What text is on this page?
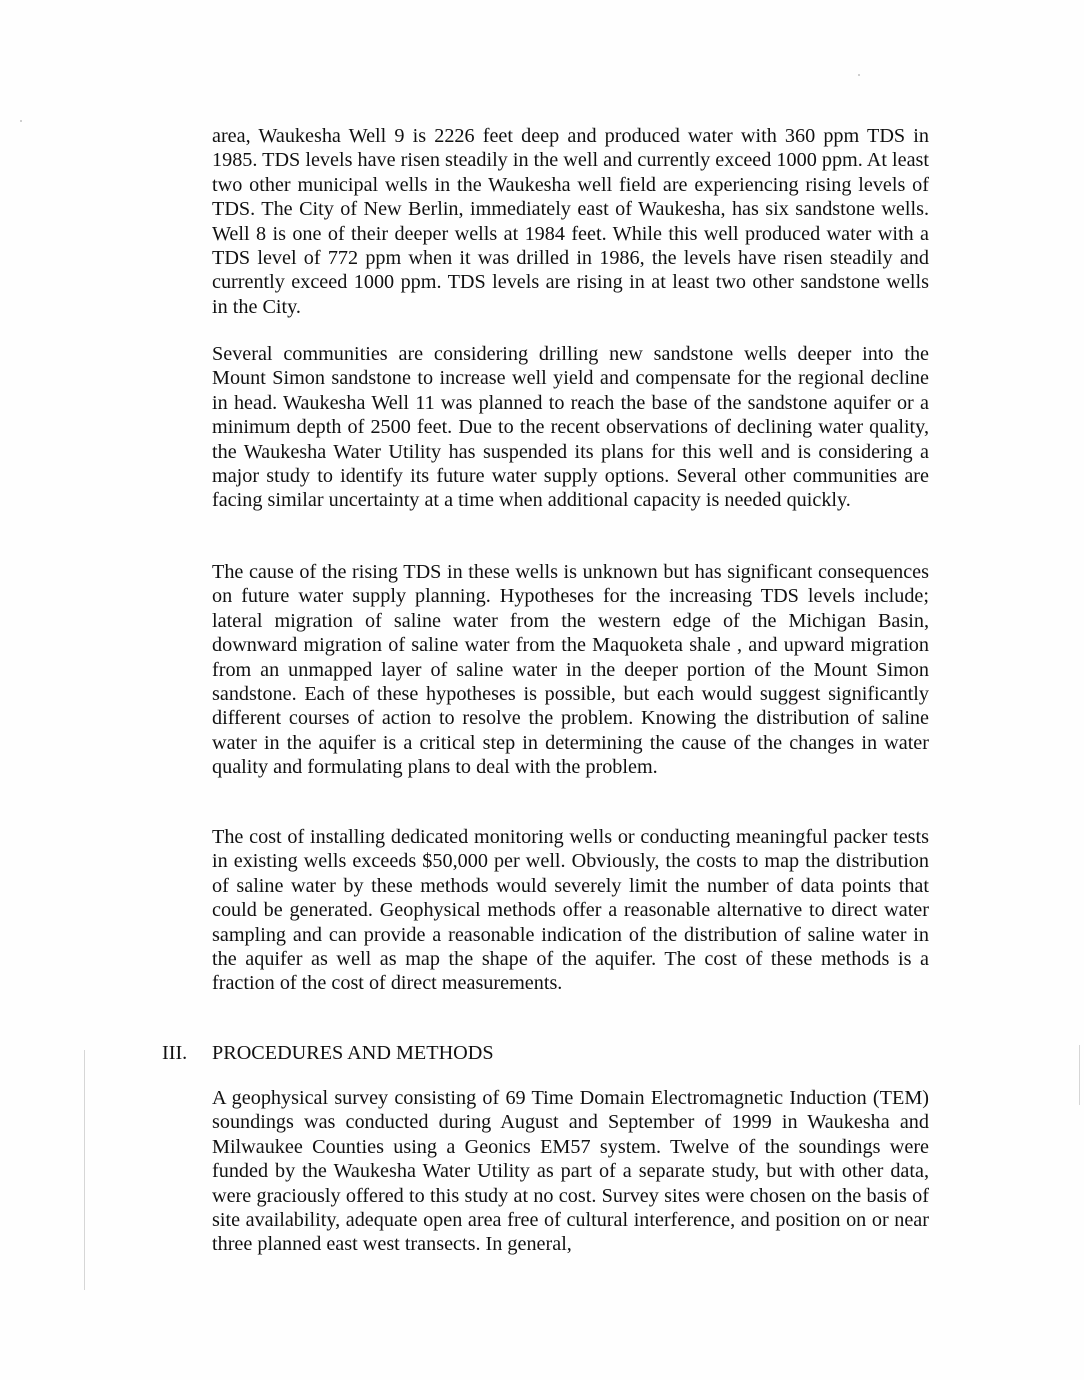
area, Waukesha Well 9 is 2226 feet deep and produced water with 360 ppm TDS in 1985. TDS levels have risen steadily in the well and currently exceed 1000 ppm. At least two other municipal wells in the Waukesha well field are experiencing rising levels of TDS. The City of New Berlin, immediately east of Waukesha, has six sandstone wells. Well 8 is one of their deeper wells at 1984 feet. While this well produced water with a TDS level of 772 ppm when it was drilled in 1986, the levels have risen steadily and currently exceed 1000 ppm. TDS levels are rising in at least two other sandstone wells in the City.

Several communities are considering drilling new sandstone wells deeper into the Mount Simon sandstone to increase well yield and compensate for the regional decline in head. Waukesha Well 11 was planned to reach the base of the sandstone aquifer or a minimum depth of 2500 feet. Due to the recent observations of declining water quality, the Waukesha Water Utility has suspended its plans for this well and is considering a major study to identify its future water supply options. Several other communities are facing similar uncertainty at a time when additional capacity is needed quickly.

The cause of the rising TDS in these wells is unknown but has significant consequences on future water supply planning. Hypotheses for the increasing TDS levels include; lateral migration of saline water from the western edge of the Michigan Basin, downward migration of saline water from the Maquoketa shale , and upward migration from an unmapped layer of saline water in the deeper portion of the Mount Simon sandstone. Each of these hypotheses is possible, but each would suggest significantly different courses of action to resolve the problem. Knowing the distribution of saline water in the aquifer is a critical step in determining the cause of the changes in water quality and formulating plans to deal with the problem.

The cost of installing dedicated monitoring wells or conducting meaningful packer tests in existing wells exceeds $50,000 per well. Obviously, the costs to map the distribution of saline water by these methods would severely limit the number of data points that could be generated. Geophysical methods offer a reasonable alternative to direct water sampling and can provide a reasonable indication of the distribution of saline water in the aquifer as well as map the shape of the aquifer. The cost of these methods is a fraction of the cost of direct measurements.

III. PROCEDURES AND METHODS

A geophysical survey consisting of 69 Time Domain Electromagnetic Induction (TEM) soundings was conducted during August and September of 1999 in Waukesha and Milwaukee Counties using a Geonics EM57 system. Twelve of the soundings were funded by the Waukesha Water Utility as part of a separate study, but with other data, were graciously offered to this study at no cost. Survey sites were chosen on the basis of site availability, adequate open area free of cultural interference, and position on or near three planned east west transects. In general,
